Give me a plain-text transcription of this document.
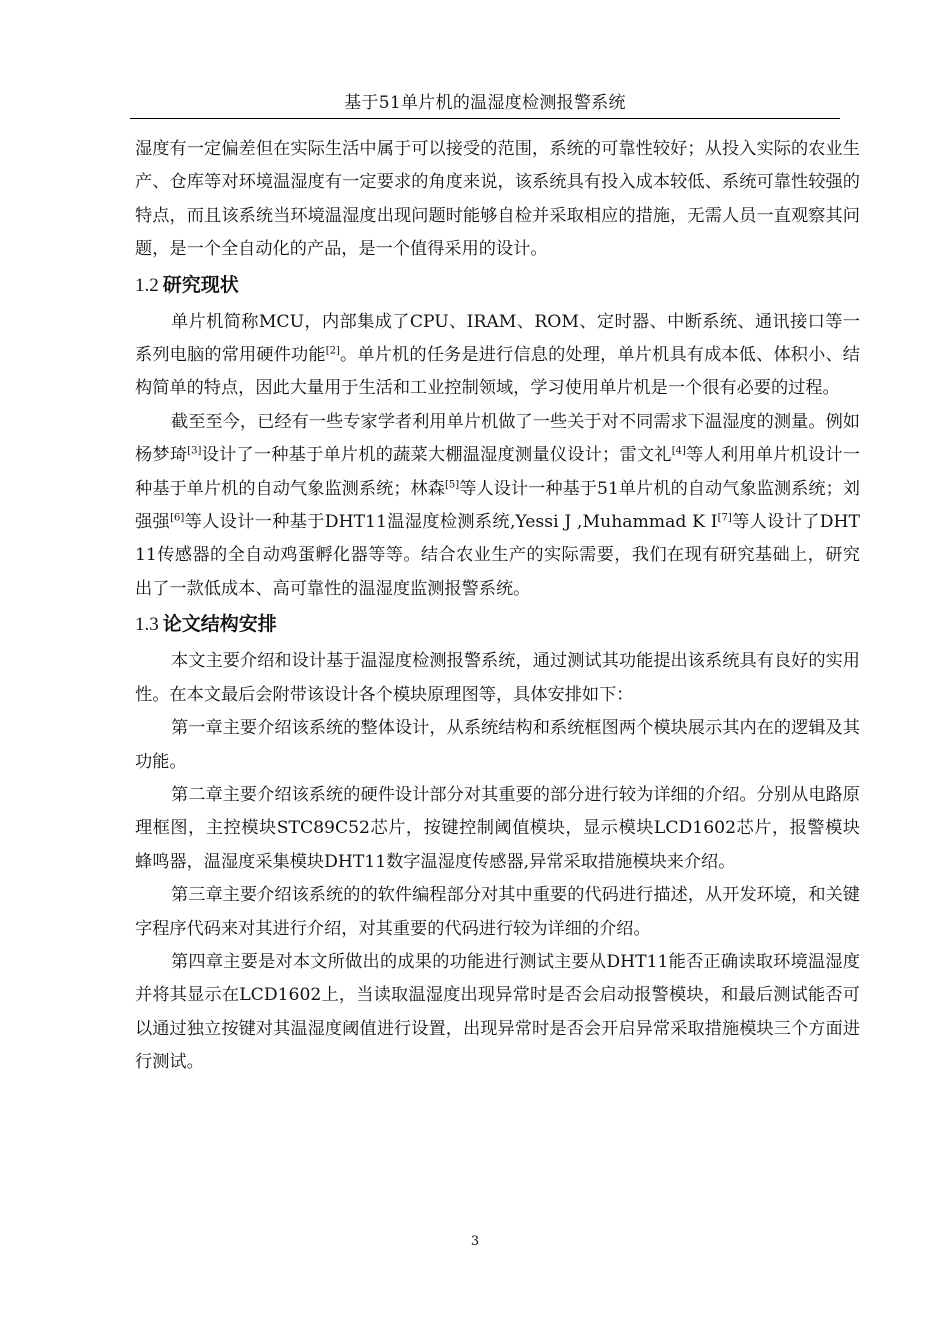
基于51单片机的温湿度检测报警系统

湿度有一定偏差但在实际生活中属于可以接受的范围，系统的可靠性较好；从投入实际的农业生产、仓库等对环境温湿度有一定要求的角度来说，该系统具有投入成本较低、系统可靠性较强的特点，而且该系统当环境温湿度出现问题时能够自检并采取相应的措施，无需人员一直观察其问题，是一个全自动化的产品，是一个值得采用的设计。

1.2 研究现状

单片机简称MCU，内部集成了CPU、IRAM、ROM、定时器、中断系统、通讯接口等一系列电脑的常用硬件功能[2]。单片机的任务是进行信息的处理，单片机具有成本低、体积小、结构简单的特点，因此大量用于生活和工业控制领域，学习使用单片机是一个很有必要的过程。

截至至今，已经有一些专家学者利用单片机做了一些关于对不同需求下温湿度的测量。例如杨梦琦[3]设计了一种基于单片机的蔬菜大棚温湿度测量仪设计；雷文礼[4]等人利用单片机设计一种基于单片机的自动气象监测系统；林森[5]等人设计一种基于51单片机的自动气象监测系统；刘强强[6]等人设计一种基于DHT11温湿度检测系统,Yessi J ,Muhammad K I[7]等人设计了DHT11传感器的全自动鸡蛋孵化器等等。结合农业生产的实际需要，我们在现有研究基础上，研究出了一款低成本、高可靠性的温湿度监测报警系统。

1.3 论文结构安排

本文主要介绍和设计基于温湿度检测报警系统，通过测试其功能提出该系统具有良好的实用性。在本文最后会附带该设计各个模块原理图等，具体安排如下：

第一章主要介绍该系统的整体设计，从系统结构和系统框图两个模块展示其内在的逻辑及其功能。

第二章主要介绍该系统的硬件设计部分对其重要的部分进行较为详细的介绍。分别从电路原理框图，主控模块STC89C52芯片，按键控制阈值模块，显示模块LCD1602芯片，报警模块蜂鸣器，温湿度采集模块DHT11数字温湿度传感器,异常采取措施模块来介绍。

第三章主要介绍该系统的的软件编程部分对其中重要的代码进行描述，从开发环境，和关键字程序代码来对其进行介绍，对其重要的代码进行较为详细的介绍。

第四章主要是对本文所做出的成果的功能进行测试主要从DHT11能否正确读取环境温湿度并将其显示在LCD1602上，当读取温湿度出现异常时是否会启动报警模块，和最后测试能否可以通过独立按键对其温湿度阈值进行设置，出现异常时是否会开启异常采取措施模块三个方面进行测试。

3
